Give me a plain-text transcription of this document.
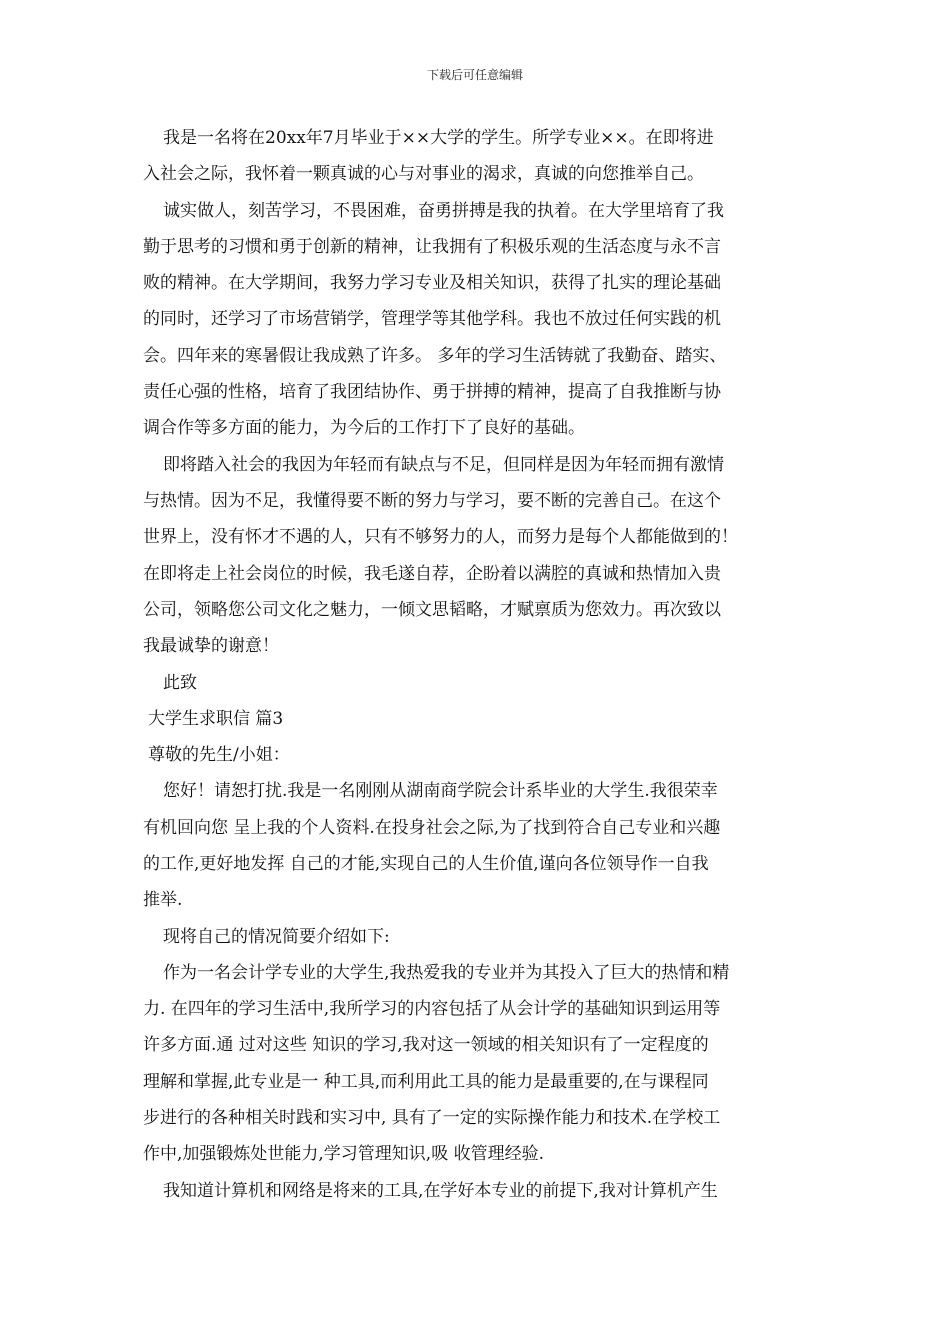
下载后可任意编辑
我是一名将在20xx年7月毕业于××大学的学生。所学专业××。在即将进
入社会之际，我怀着一颗真诚的心与对事业的渴求，真诚的向您推举自己。
诚实做人，刻苦学习，不畏困难，奋勇拼搏是我的执着。在大学里培育了我
勤于思考的习惯和勇于创新的精神，让我拥有了积极乐观的生活态度与永不言
败的精神。在大学期间，我努力学习专业及相关知识，获得了扎实的理论基础
的同时，还学习了市场营销学，管理学等其他学科。我也不放过任何实践的机
会。四年来的寒暑假让我成熟了许多。 多年的学习生活铸就了我勤奋、踏实、
责任心强的性格，培育了我团结协作、勇于拼搏的精神，提高了自我推断与协
调合作等多方面的能力，为今后的工作打下了良好的基础。
即将踏入社会的我因为年轻而有缺点与不足，但同样是因为年轻而拥有激情
与热情。因为不足，我懂得要不断的努力与学习，要不断的完善自己。在这个
世界上，没有怀才不遇的人，只有不够努力的人，而努力是每个人都能做到的！
在即将走上社会岗位的时候，我毛遂自荐，企盼着以满腔的真诚和热情加入贵
公司，领略您公司文化之魅力，一倾文思韬略，才赋禀质为您效力。再次致以
我最诚挚的谢意！
此致
大学生求职信 篇3
尊敬的先生/小姐：
您好！请恕打扰.我是一名刚刚从湖南商学院会计系毕业的大学生.我很荣幸
有机回向您 呈上我的个人资料.在投身社会之际,为了找到符合自己专业和兴趣
的工作,更好地发挥 自己的才能,实现自己的人生价值,谨向各位领导作一自我
推举.
现将自己的情况简要介绍如下:
作为一名会计学专业的大学生,我热爱我的专业并为其投入了巨大的热情和精
力. 在四年的学习生活中,我所学习的内容包括了从会计学的基础知识到运用等
许多方面.通 过对这些 知识的学习,我对这一领域的相关知识有了一定程度的
理解和掌握,此专业是一 种工具,而利用此工具的能力是最重要的,在与课程同
步进行的各种相关时践和实习中, 具有了一定的实际操作能力和技术.在学校工
作中,加强锻炼处世能力,学习管理知识,吸 收管理经验.
我知道计算机和网络是将来的工具,在学好本专业的前提下,我对计算机产生
